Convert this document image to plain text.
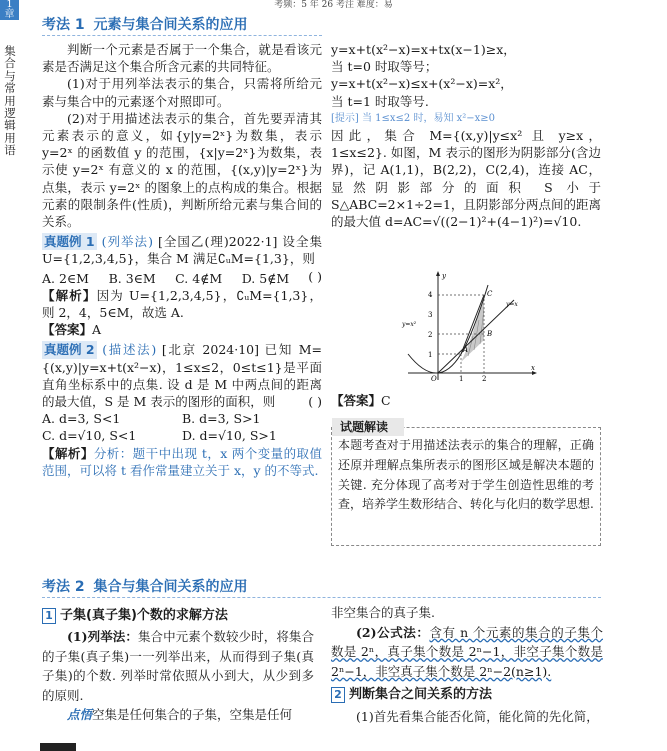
考频：5 年 26 考注 难度：易
1
章
集
合
与
常
用
逻
辑
用
语
考法 1 元素与集合间关系的应用

判断一个元素是否属于一个集合，就是看该元素是否满足这个集合所含元素的共同特征。

(1)对于用列举法表示的集合，只需将所给元素与集合中的元素逐个对照即可。

(2)对于用描述法表示的集合，首先要弄清其元素表示的意义，如{y|y=2ˣ}为数集，表示 y=2ˣ 的函数值 y 的范围，{x|y=2ˣ}为数集，表示使 y=2ˣ 有意义的 x 的范围，{(x,y)|y=2ˣ}为点集，表示 y=2ˣ 的图象上的点构成的集合。根据元素的限制条件(性质)，判断所给元素与集合间的关系。

真题例 1 (列举法) [全国乙(理)2022·1] 设全集 U={1,2,3,4,5}，集合 M 满足∁ᵤM={1,3}，则
( )

A. 2∈M	B. 3∈M	C. 4∉M	D. 5∉M

【解析】因为 U={1,2,3,4,5}，∁ᵤM={1,3}，则 2，4，5∈M，故选 A.

【答案】A

真题例 2 (描述法) [北京 2024·10] 已知 M={(x,y)|y=x+t(x²−x)，1≤x≤2，0≤t≤1}是平面直角坐标系中的点集. 设 d 是 M 中两点间的距离的最大值，S 是 M 表示的图形的面积，则	( )

A. d=3, S<1	B. d=3, S>1
C. d=√10, S<1	D. d=√10, S>1

【解析】分析：题干中出现 t，x 两个变量的取值范围，可以将 t 看作常量建立关于 x，y 的不等式.

y=x+t(x²−x)=x+tx(x−1)≥x，

当 t=0 时取等号；

y=x+t(x²−x)≤x+(x²−x)=x²，

当 t=1 时取等号.

[提示] 当 1≤x≤2 时，易知 x²−x≥0

因此，集合 M={(x,y)|y≤x² 且 y≥x，1≤x≤2}. 如图，M 表示的图形为阴影部分(含边界)，记 A(1,1)，B(2,2)，C(2,4)，连接 AC，显然阴影部分的面积 S 小于 S△ABC=2×1÷2=1，且阴影部分两点间的距离的最大值 d=AC=√((2−1)²+(4−1)²)=√10.

y
x
O
4
3
2
1
1	2
A
B
C
y=x²
y=x

【答案】C

本题考查对于用描述法表示的集合的理解，正确还原并理解点集所表示的图形区域是解决本题的关键. 充分体现了高考对于学生创造性思维的考查，培养学生数形结合、转化与化归的数学思想.
试题解读
考法 2 集合与集合间关系的应用
1 子集(真子集)个数的求解方法

(1)列举法：集合中元素个数较少时，将集合的子集(真子集)一一列举出来，从而得到子集(真子集)的个数. 列举时常依照从小到大，从少到多的原则.

点悟空集是任何集合的子集，空集是任何

非空集合的真子集.

(2)公式法：含有 n 个元素的集合的子集个数是 2ⁿ，真子集个数是 2ⁿ−1，非空子集个数是 2ⁿ−1，非空真子集个数是 2ⁿ−2(n≥1).

2 判断集合之间关系的方法

(1)首先看集合能否化简，能化简的先化简，
